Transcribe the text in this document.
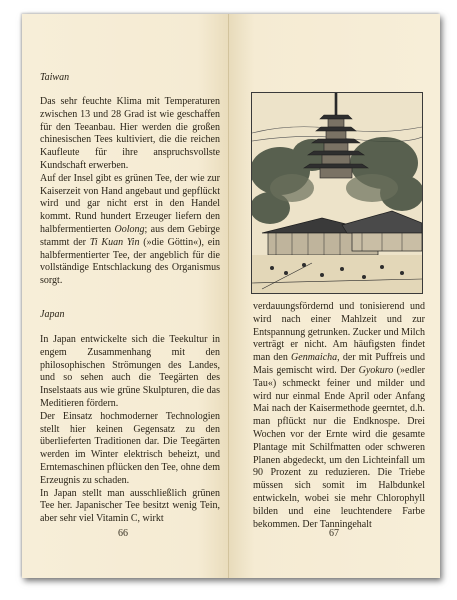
Taiwan

Das sehr feuchte Klima mit Temperaturen zwischen 13 und 28 Grad ist wie geschaffen für den Teeanbau. Hier werden die großen chinesischen Tees kultiviert, die die reichen Kaufleute für ihre anspruchsvollste Kundschaft erwerben.

Auf der Insel gibt es grünen Tee, der wie zur Kaiserzeit von Hand angebaut und gepflückt wird und gar nicht erst in den Handel kommt. Rund hundert Erzeuger liefern den halbfermentierten Oolong; aus dem Gebirge stammt der Ti Kuan Yin (»die Göttin«), ein halbfermentierter Tee, der angeblich für die vollständige Entschlackung des Organismus sorgt.

Japan

In Japan entwickelte sich die Teekultur in engem Zusammenhang mit den philosophischen Strömungen des Landes, und so sehen auch die Teegärten des Inselstaats aus wie grüne Skulpturen, die das Meditieren fördern.

Der Einsatz hochmoderner Technologien stellt hier keinen Gegensatz zu den überlieferten Traditionen dar. Die Teegärten werden im Winter elektrisch beheizt, und Erntemaschinen pflücken den Tee, ohne dem Erzeugnis zu schaden.

In Japan stellt man ausschließlich grünen Tee her. Japanischer Tee besitzt wenig Tein, aber sehr viel Vitamin C, wirkt

66

verdauungsfördernd und tonisierend und wird nach einer Mahlzeit und zur Entspannung getrunken. Zucker und Milch verträgt er nicht. Am häufigsten findet man den Genmaicha, der mit Puffreis und Mais gemischt wird. Der Gyokuro (»edler Tau«) schmeckt feiner und milder und wird nur einmal Ende April oder Anfang Mai nach der Kaisermethode geerntet, d.h. man pflückt nur die Endknospe. Drei Wochen vor der Ernte wird die gesamte Plantage mit Schilfmatten oder schweren Planen abgedeckt, um den Lichteinfall um 90 Prozent zu reduzieren. Die Triebe müssen sich somit im Halbdunkel entwickeln, wobei sie mehr Chlorophyll bilden und eine leuchtendere Farbe bekommen. Der Tanningehalt

67
